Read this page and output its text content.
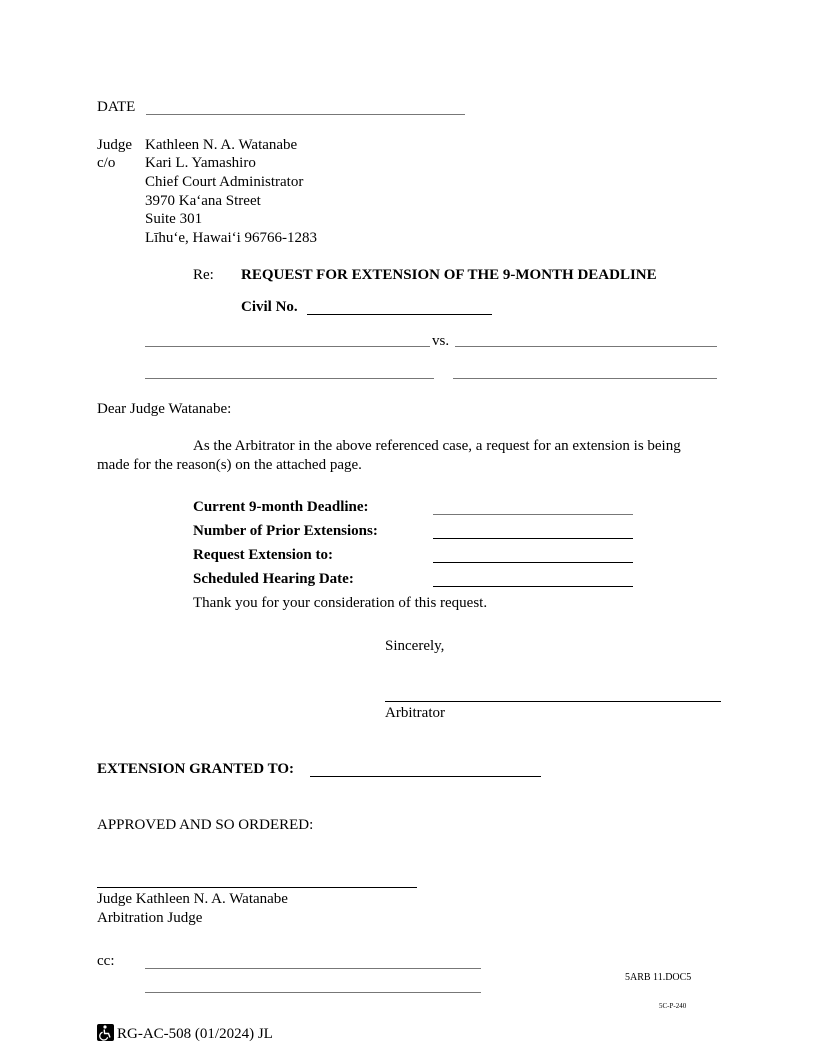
DATE
Judge
c/o
Kathleen N. A. Watanabe
Kari L. Yamashiro
Chief Court Administrator
3970 Ka‘ana Street
Suite 301
Līhu‘e, Hawai‘i 96766-1283
Re: REQUEST FOR EXTENSION OF THE 9-MONTH DEADLINE
Civil No.
vs.
Dear Judge Watanabe:
As the Arbitrator in the above referenced case, a request for an extension is being
made for the reason(s) on the attached page.
Current 9-month Deadline:
Number of Prior Extensions:
Request Extension to:
Scheduled Hearing Date:
Thank you for your consideration of this request.
Sincerely,
Arbitrator
EXTENSION GRANTED TO:
APPROVED AND SO ORDERED:
Judge Kathleen N. A. Watanabe
Arbitration Judge
cc:
5ARB 11.DOC5
5C-P-240
RG-AC-508 (01/2024) JL
